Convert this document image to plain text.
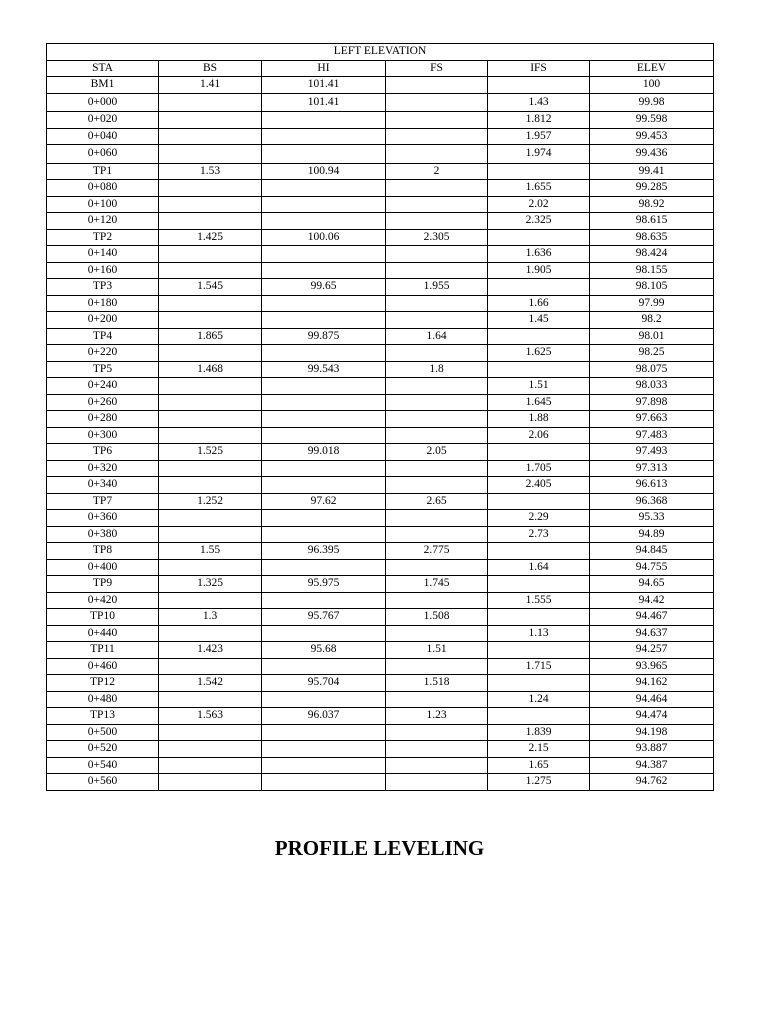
LEFT ELEVATION					
STA	BS	HI	FS	IFS	ELEV
BM1	1.41	101.41			100
0+000		101.41		1.43	99.98
0+020				1.812	99.598
0+040				1.957	99.453
0+060				1.974	99.436
TP1	1.53	100.94	2		99.41
0+080				1.655	99.285
0+100				2.02	98.92
0+120				2.325	98.615
TP2	1.425	100.06	2.305		98.635
0+140				1.636	98.424
0+160				1.905	98.155
TP3	1.545	99.65	1.955		98.105
0+180				1.66	97.99
0+200				1.45	98.2
TP4	1.865	99.875	1.64		98.01
0+220				1.625	98.25
TP5	1.468	99.543	1.8		98.075
0+240				1.51	98.033
0+260				1.645	97.898
0+280				1.88	97.663
0+300				2.06	97.483
TP6	1.525	99.018	2.05		97.493
0+320				1.705	97.313
0+340				2.405	96.613
TP7	1.252	97.62	2.65		96.368
0+360				2.29	95.33
0+380				2.73	94.89
TP8	1.55	96.395	2.775		94.845
0+400				1.64	94.755
TP9	1.325	95.975	1.745		94.65
0+420				1.555	94.42
TP10	1.3	95.767	1.508		94.467
0+440				1.13	94.637
TP11	1.423	95.68	1.51		94.257
0+460				1.715	93.965
TP12	1.542	95.704	1.518		94.162
0+480				1.24	94.464
TP13	1.563	96.037	1.23		94.474
0+500				1.839	94.198
0+520				2.15	93.887
0+540				1.65	94.387
0+560				1.275	94.762
PROFILE LEVELING
